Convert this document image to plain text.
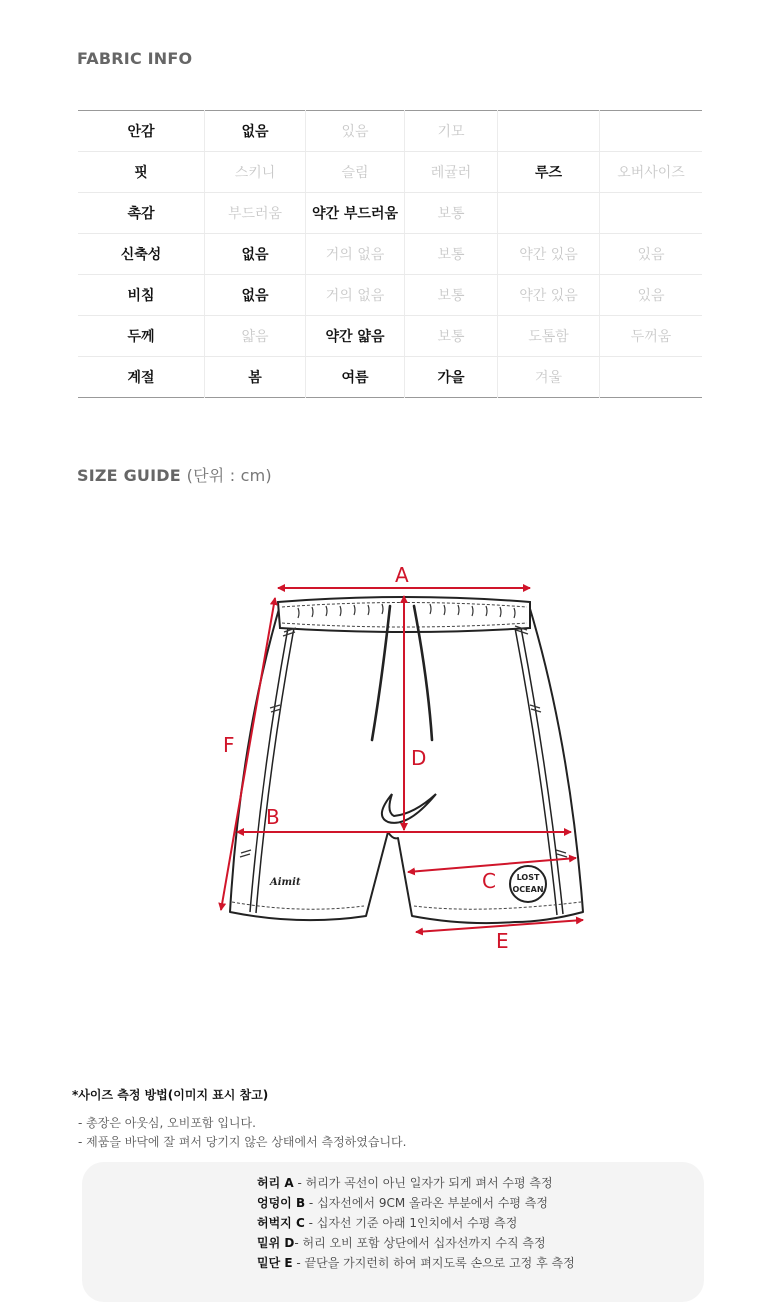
FABRIC INFO
안감	없음	있음	기모		
핏	스키니	슬림	레귤러	루즈	오버사이즈
촉감	부드러움	약간 부드러움	보통		
신축성	없음	거의 없음	보통	약간 있음	있음
비침	없음	거의 없음	보통	약간 있음	있음
두께	얇음	약간 얇음	보통	도톰함	두꺼움
계절	봄	여름	가을	겨울	
SIZE GUIDE (단위 : cm)
Aimit	LOST
OCEAN
A
B
C
D
E
F
*사이즈 측정 방법(이미지 표시 참고)
- 총장은 아웃심, 오비포함 입니다.
- 제품을 바닥에 잘 펴서 당기지 않은 상태에서 측정하였습니다.
허리 A - 허리가 곡선이 아닌 일자가 되게 펴서 수평 측정
엉덩이 B - 십자선에서 9CM 올라온 부분에서 수평 측정
허벅지 C - 십자선 기준 아래 1인치에서 수평 측정
밑위 D- 허리 오비 포함 상단에서 십자선까지 수직 측정
밑단 E - 끝단을 가지런히 하여 펴지도록 손으로 고정 후 측정
